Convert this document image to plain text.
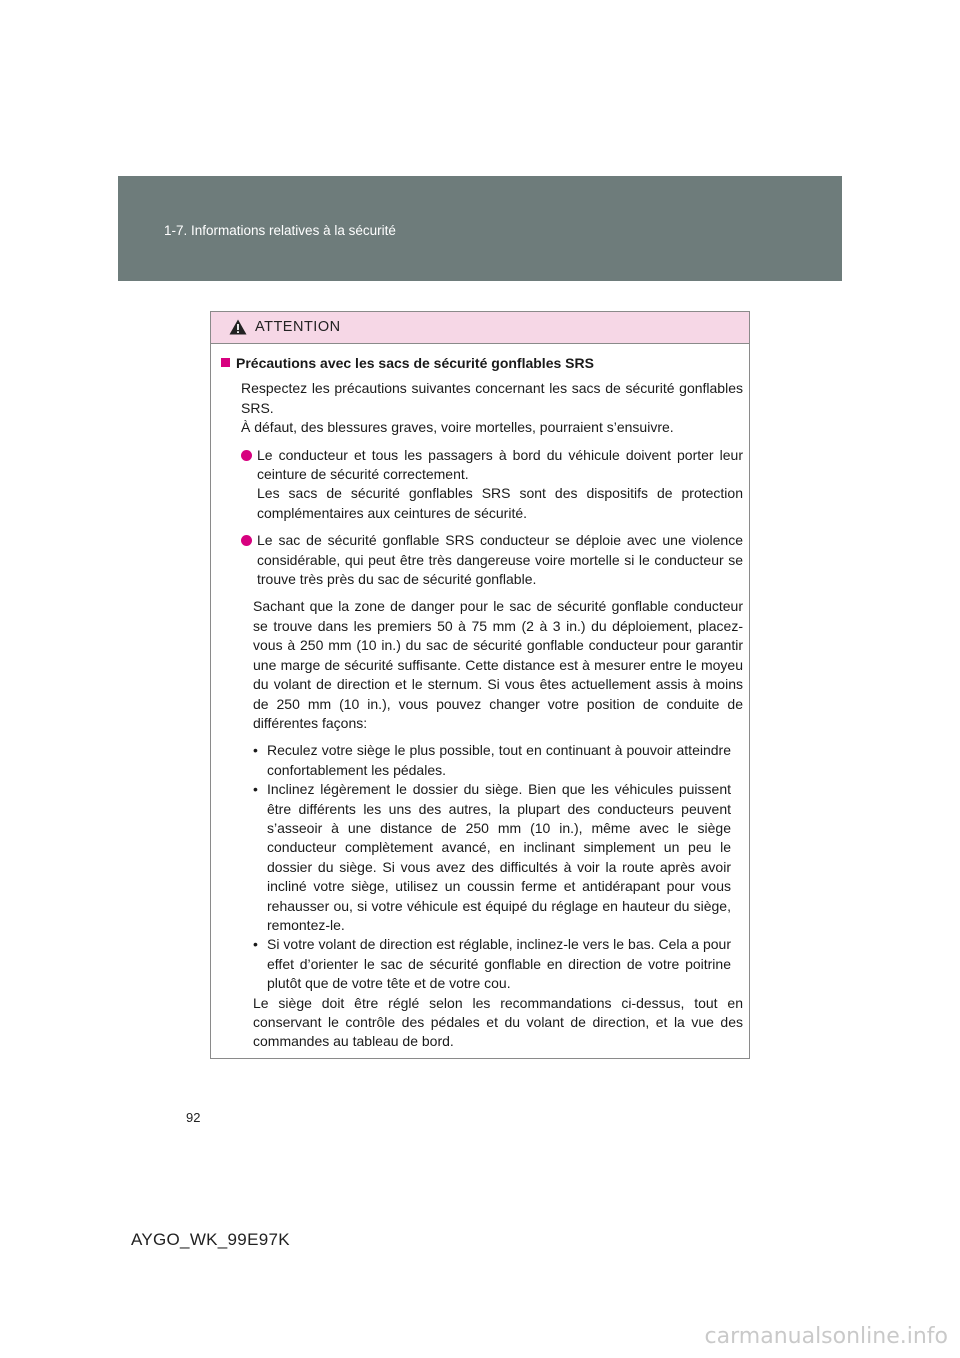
1-7. Informations relatives à la sécurité
ATTENTION
Précautions avec les sacs de sécurité gonflables SRS
Respectez les précautions suivantes concernant les sacs de sécurité gonflables SRS.
À défaut, des blessures graves, voire mortelles, pourraient s’ensuivre.
Le conducteur et tous les passagers à bord du véhicule doivent porter leur ceinture de sécurité correctement.
Les sacs de sécurité gonflables SRS sont des dispositifs de protection complémentaires aux ceintures de sécurité.
Le sac de sécurité gonflable SRS conducteur se déploie avec une violence considérable, qui peut être très dangereuse voire mortelle si le conducteur se trouve très près du sac de sécurité gonflable.
Sachant que la zone de danger pour le sac de sécurité gonflable conducteur se trouve dans les premiers 50 à 75 mm (2 à 3 in.) du déploiement, placez-vous à 250 mm (10 in.) du sac de sécurité gonflable conducteur pour garantir une marge de sécurité suffisante. Cette distance est à mesurer entre le moyeu du volant de direction et le sternum. Si vous êtes actuellement assis à moins de 250 mm (10 in.), vous pouvez changer votre position de conduite de différentes façons:
• Reculez votre siège le plus possible, tout en continuant à pouvoir atteindre confortablement les pédales.
• Inclinez légèrement le dossier du siège. Bien que les véhicules puissent être différents les uns des autres, la plupart des conducteurs peuvent s’asseoir à une distance de 250 mm (10 in.), même avec le siège conducteur complètement avancé, en inclinant simplement un peu le dossier du siège. Si vous avez des difficultés à voir la route après avoir incliné votre siège, utilisez un coussin ferme et antidérapant pour vous rehausser ou, si votre véhicule est équipé du réglage en hauteur du siège, remontez-le.
• Si votre volant de direction est réglable, inclinez-le vers le bas. Cela a pour effet d’orienter le sac de sécurité gonflable en direction de votre poitrine plutôt que de votre tête et de votre cou.
Le siège doit être réglé selon les recommandations ci-dessus, tout en conservant le contrôle des pédales et du volant de direction, et la vue des commandes au tableau de bord.
92
AYGO_WK_99E97K
carmanualsonline.info
